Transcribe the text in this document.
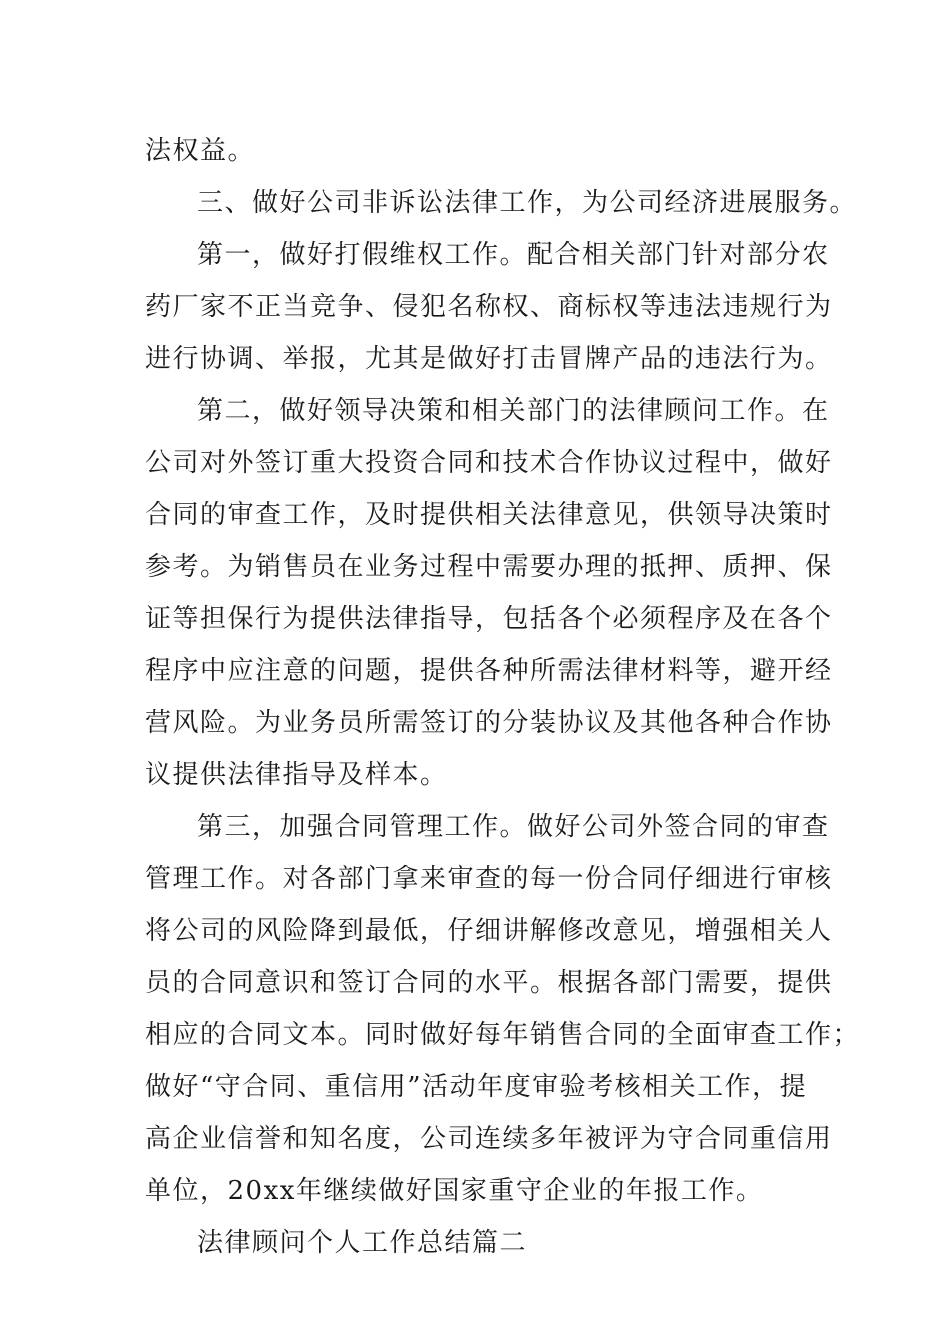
法权益。
三、做好公司非诉讼法律工作，为公司经济进展服务。
第一，做好打假维权工作。配合相关部门针对部分农
药厂家不正当竞争、侵犯名称权、商标权等违法违规行为
进行协调、举报，尤其是做好打击冒牌产品的违法行为。
第二，做好领导决策和相关部门的法律顾问工作。在
公司对外签订重大投资合同和技术合作协议过程中，做好
合同的审查工作，及时提供相关法律意见，供领导决策时
参考。为销售员在业务过程中需要办理的抵押、质押、保
证等担保行为提供法律指导，包括各个必须程序及在各个
程序中应注意的问题，提供各种所需法律材料等，避开经
营风险。为业务员所需签订的分装协议及其他各种合作协
议提供法律指导及样本。
第三，加强合同管理工作。做好公司外签合同的审查
管理工作。对各部门拿来审查的每一份合同仔细进行审核
将公司的风险降到最低，仔细讲解修改意见，增强相关人
员的合同意识和签订合同的水平。根据各部门需要，提供
相应的合同文本。同时做好每年销售合同的全面审查工作；
做好“守合同、重信用”活动年度审验考核相关工作，提
高企业信誉和知名度，公司连续多年被评为守合同重信用
单位，20xx年继续做好国家重守企业的年报工作。
法律顾问个人工作总结篇二
